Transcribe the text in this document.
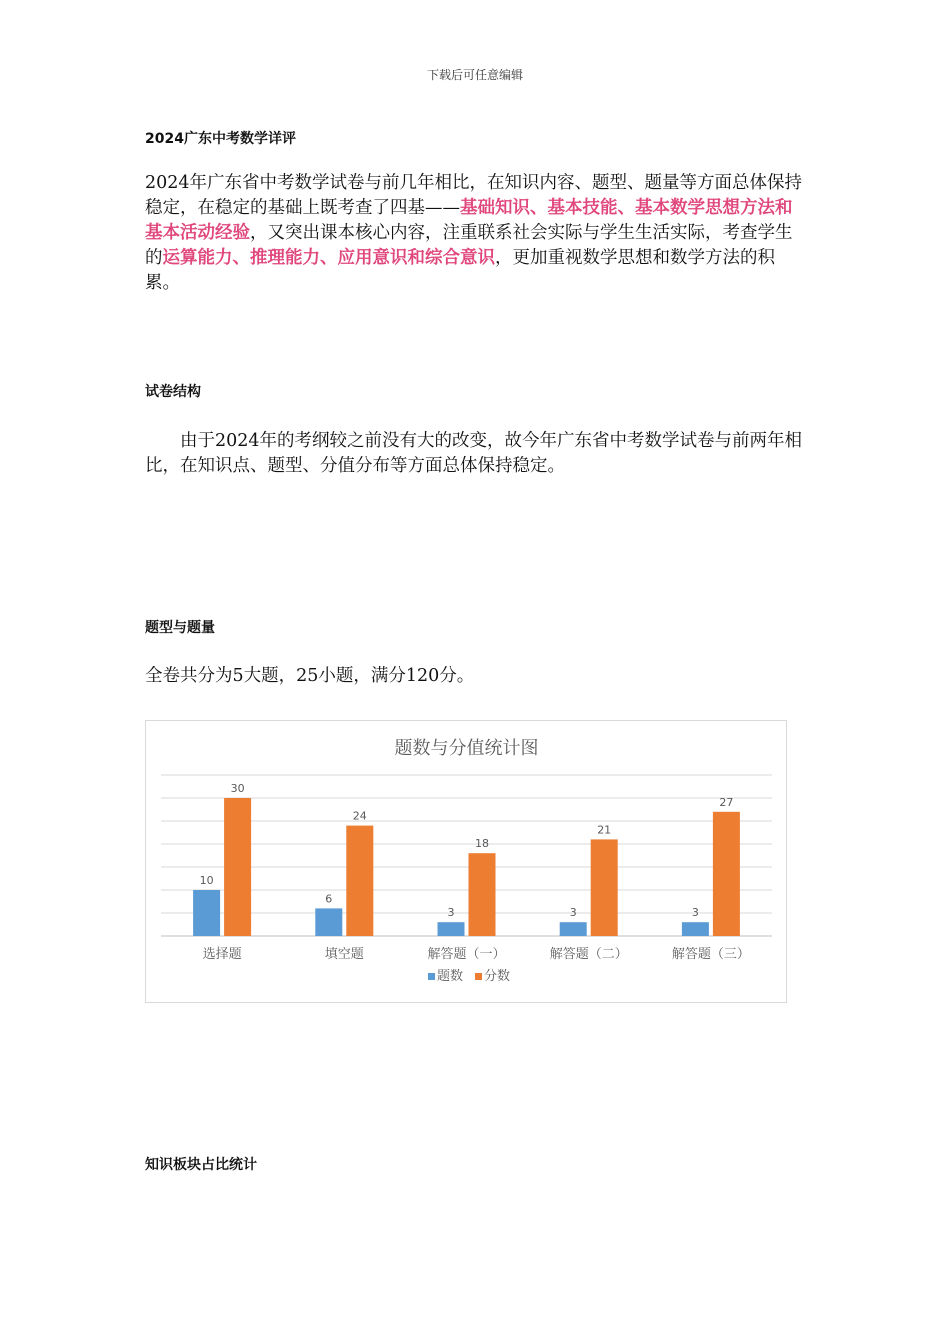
下载后可任意编辑
2024广东中考数学详评
2024年广东省中考数学试卷与前几年相比，在知识内容、题型、题量等方面总体保持稳定，在稳定的基础上既考查了四基——基础知识、基本技能、基本数学思想方法和基本活动经验，又突出课本核心内容，注重联系社会实际与学生生活实际，考查学生的运算能力、推理能力、应用意识和综合意识，更加重视数学思想和数学方法的积累。
试卷结构
由于2024年的考纲较之前没有大的改变，故今年广东省中考数学试卷与前两年相比，在知识点、题型、分值分布等方面总体保持稳定。
题型与题量
全卷共分为5大题，25小题，满分120分。
题数与分值统计图
10
30
选择题
6
24
填空题
3
18
解答题（一）
3
21
解答题（二）
3
27
解答题（三）
题数 分数
知识板块占比统计
